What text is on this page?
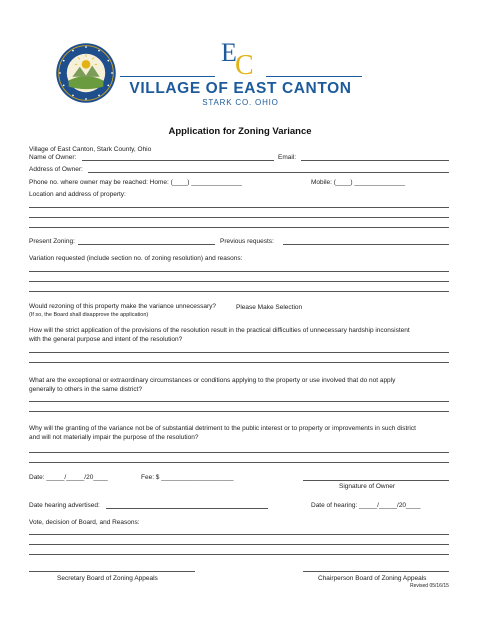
E
C
VILLAGE OF EAST CANTON
STARK CO. OHIO
Application for Zoning Variance
Village of East Canton, Stark County, Ohio
Name of Owner:	Email:
Address of Owner:
Phone no. where owner may be reached: Home: (____) ______________	Mobile: (____) ______________
Location and address of property:
Present Zoning:	Previous requests:
Variation requested (include section no. of zoning resolution) and reasons:
Would rezoning of this property make the variance unnecessary?	Please Make Selection
(If so, the Board shall disapprove the application)
How will the strict application of the provisions of the resolution result in the practical difficulties of unnecessary hardship inconsistent
with the general purpose and intent of the resolution?
What are the exceptional or extraordinary circumstances or conditions applying to the property or use involved that do not apply
generally to others in the same district?
Why will the granting of the variance not be of substantial detriment to the public interest or to property or improvements in such district
and will not materially impair the purpose of the resolution?
Date: _____/_____/20____	Fee: $ ____________________
Signature of Owner
Date hearing advertised:	Date of hearing: _____/_____/20____
Vote, decision of Board, and Reasons:
Secretary Board of Zoning Appeals	Chairperson Board of Zoning Appeals
Revised 05/16/15
